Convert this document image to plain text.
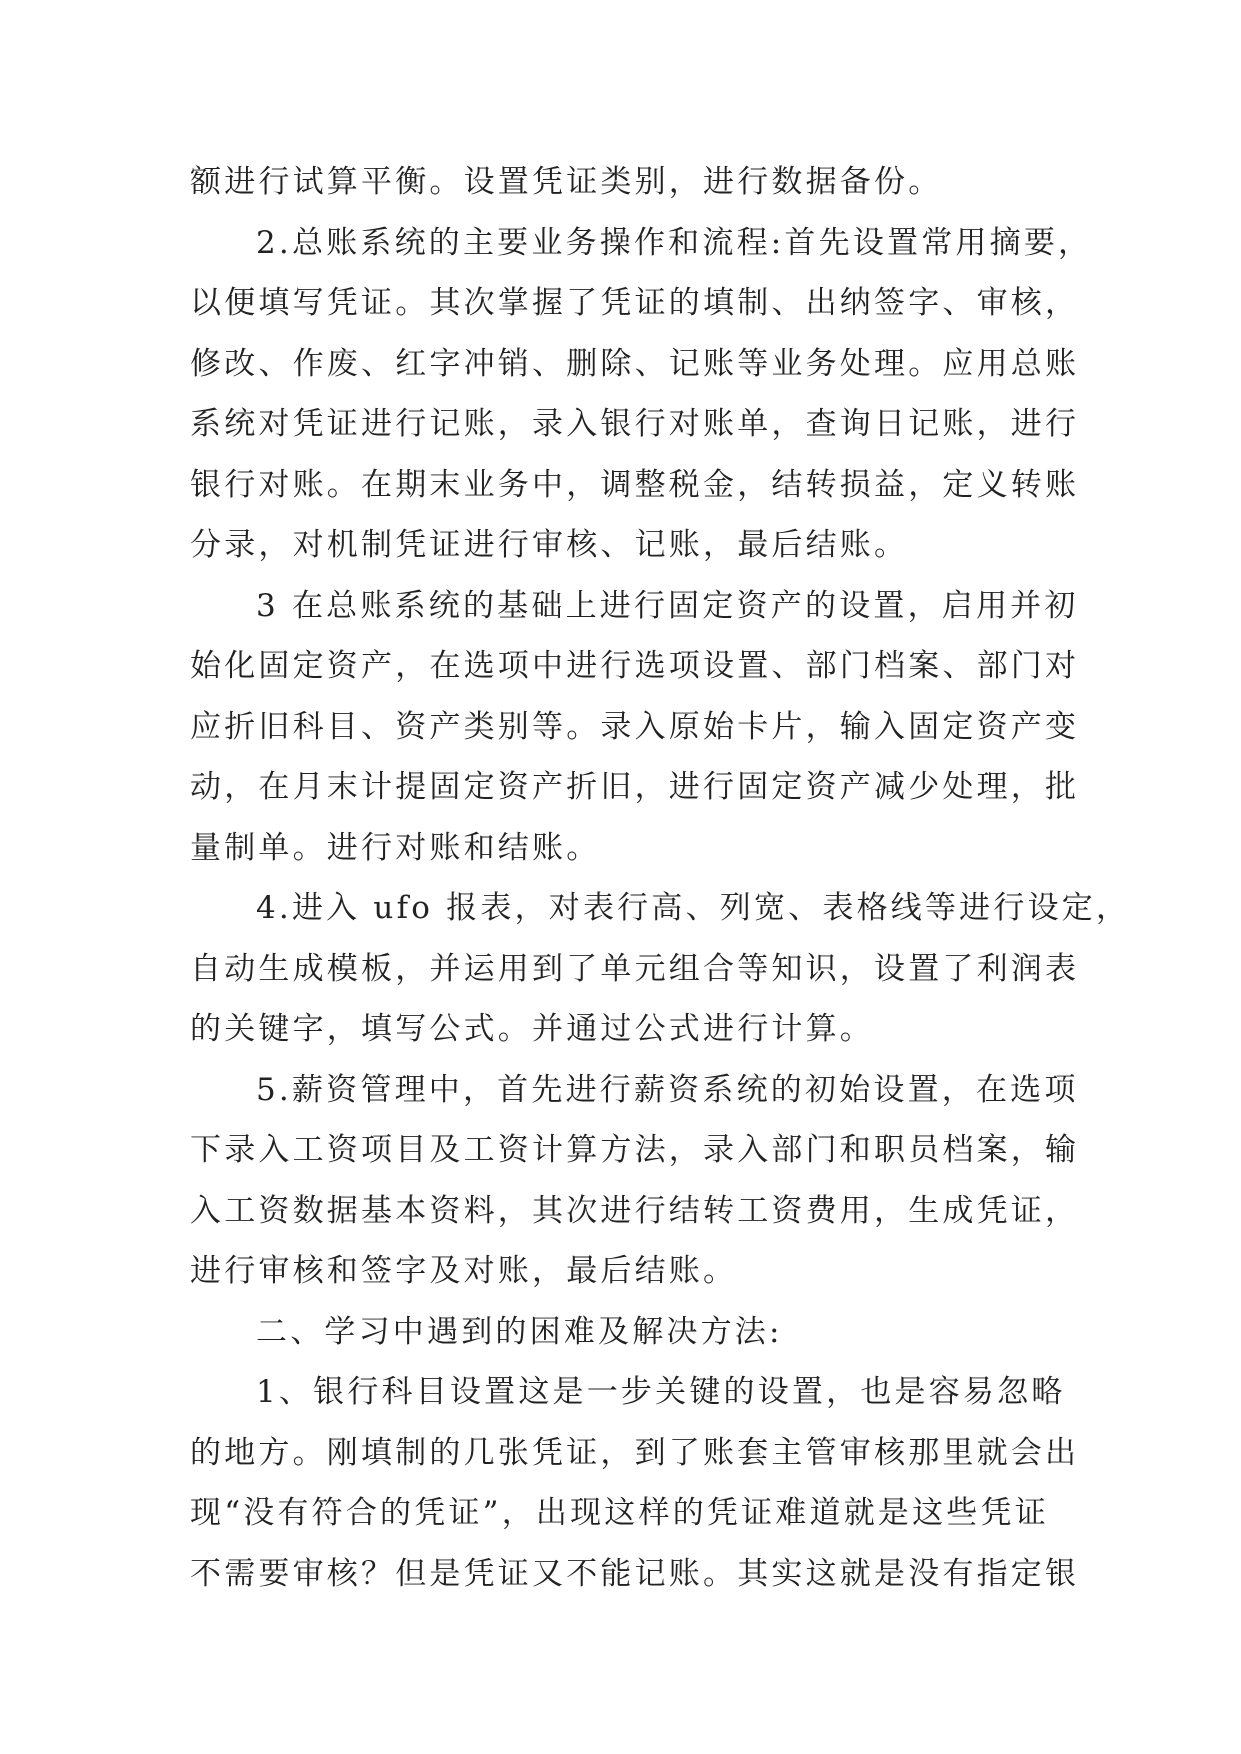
额进行试算平衡。设置凭证类别，进行数据备份。
2.总账系统的主要业务操作和流程:首先设置常用摘要，
以便填写凭证。其次掌握了凭证的填制、出纳签字、审核，
修改、作废、红字冲销、删除、记账等业务处理。应用总账
系统对凭证进行记账，录入银行对账单，查询日记账，进行
银行对账。在期末业务中，调整税金，结转损益，定义转账
分录，对机制凭证进行审核、记账，最后结账。
3 在总账系统的基础上进行固定资产的设置，启用并初
始化固定资产，在选项中进行选项设置、部门档案、部门对
应折旧科目、资产类别等。录入原始卡片，输入固定资产变
动，在月末计提固定资产折旧，进行固定资产减少处理，批
量制单。进行对账和结账。
4.进入 ufo 报表，对表行高、列宽、表格线等进行设定，
自动生成模板，并运用到了单元组合等知识，设置了利润表
的关键字，填写公式。并通过公式进行计算。
5.薪资管理中，首先进行薪资系统的初始设置，在选项
下录入工资项目及工资计算方法，录入部门和职员档案，输
入工资数据基本资料，其次进行结转工资费用，生成凭证，
进行审核和签字及对账，最后结账。
二、学习中遇到的困难及解决方法:
1、银行科目设置这是一步关键的设置，也是容易忽略
的地方。刚填制的几张凭证，到了账套主管审核那里就会出
现“没有符合的凭证”，出现这样的凭证难道就是这些凭证
不需要审核？但是凭证又不能记账。其实这就是没有指定银
